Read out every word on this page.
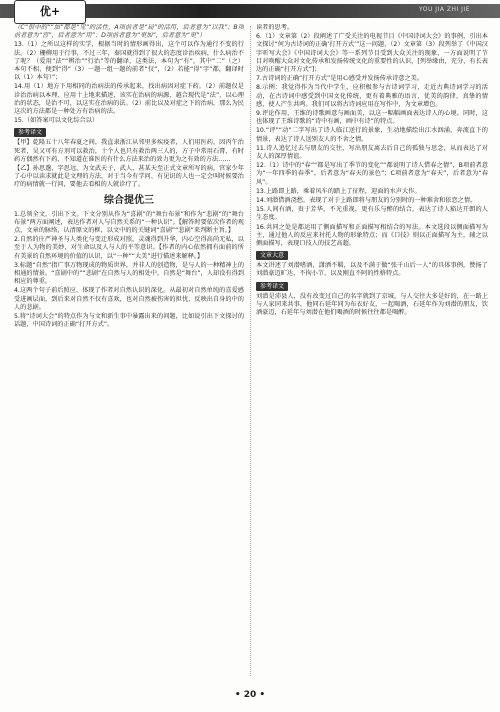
优+	YOU JIA ZHI JIE

（C“很中的”“加”都是“见”的活性，A项前者是“局”的活用，后者意为“以我”；B项前者意为“宫”，后者意为“用”；D项前者意为“更加”，后者意为“更”）

13.（1）之所以这样的实学，根据当时的情形画得出，这个可以作为通行不变的行法。（2）栅柳用于行事，不过三年，秦国就得到了很大的态度诊治疾病，什么病治不了呢？（爱用“法”“辨治”“行治”等的翻译，这类法，本句为“有”，其中“二”（之）本句不相，便到“得”（3）一题一组一题的前者“仅”，（2）若能“得”字“都，翻译时以（1）本句）”；

14.用（1）地方下用相同的治病法的传承起来，找出病因对症下药。（2）前题仅是诊治治病以本理、应用十上地来描述，该实在治病的病源，越合现代是“法”，以心理治的状态，是治不可，以这实在治病的法。（2）前比以及对症之下的治病，那么为民这次的方法都是一种处方有治病的法。

15.（如答案可以文化综合以）

参考译文

【甲】乾隆五十八年春夏之间，我直隶浙江从邻里多疾疫者，人们用医药，因丙午治死者，吴又可有方剂可以救治，十个人也只有救治两三人的，方子中常用石膏，有时药方偶然有下药，不知道在谁医的有什么方法来治的效力更为之有效的方法……

【乙】孙思邈，字思远，为文武天子，武人，甚某天至正式文章所写的病，官家少年了心中以读求就此是文理的方法，对于当今有学问、有见识的人也一定会叫时候要治疗的病情就一行问，要他去看相的人就诊疗了。

综合提优三

1.总领全文，引出下文。下文分别从作为“喜剧”的“舞台布景”和作为“悲剧”的“舞台布景”两方面阐述，表达作者对人与自然关系的“一种认识”。【解答时要依次作者的观点，文章的脉络，认清原文的框，以文中的的关键词“喜剧”“悲剧”来判断主旨。】

2.自然的庄严神圣与人类化与变迁形成对照，灵魂得到升华，内心空得高尚无私，以至于人为物的美妙，对生命以及人与人的平等意识。【作者的内心依然拥有面前的所有美景的自然环境的价值的认识，以“一种”“大美”进行描述来解释。】

3.标题“自然”指广事万物现成的物质世界，并非人的创造物，是与人的一种精神上的相通的情景。“喜剧中的”“悲剧”在自然与人的相处中，自然是“舞台”，人却没有得到相应的尊重。

4.这两个句子前后照应，体现了作者对自然认识的深化。从最初对自然单纯的喜爱感受进画层面，到后来对自然不仅有喜欢，也对自然被伤害的担忧，反映出自身的中的人的悲剧。

5.将“诗词大会”的特点作为与文和新生事中暴露出来的问题，比如说引出下文探讨的话题，中国诗词的正确“打开方式”。

读者的思考。

6.（1）文章第（2）段阐述了广受关注的电视节目《中国诗词大会》的事例，引出本文探讨“何为古诗词的正确‘打开方式’”这一问题，（2）文章第（3）段列举了《中国汉字听写大会》《中国诗词大会》等一系列节目受到大众关注的现象，一方面说明了节目对唤醒大众对文化传承和发扬传统文化的重要性的认识，[列举缘由，充分，有长表达的正确“打开方式”]；

7.古诗词的正确“打开方式”是用心感受并发扬传承诗意之美。

8.示例：我觉得作为当代中学生，应积极参与古诗词学习，走近古典诗词学习的活动，在古诗词中感受到中国文化传统，更有着典雅的语言，优美的韵律，真挚的情感，使人产生共鸣。我们可以将古诗词应用在写作中，为文章增色。

9.评论作用，王维的诗歌画意与画面美，以这一幅幅画面表达诗人的心境。同时，这也体现了王维诗歌的“诗中有画，画中有诗”的特点。

10.“评”“动”二字写出了诗人临江送行的景象，生动地描绘出江水汹涌，奔流直下的情景，表达了诗人送别友人的不舍之情。

11.诗人追忆过去与朋友的交往，写出朋友离去后自己的孤独与思念，从而表达了对友人的深厚情谊。

12.（1）诗中的“春”“都是写出了季节的变化”“都说明了诗人惜春之情”，B项前者意为“一年四季的春季”，后者意为“春天的景色”；C项前者意为“春天”，后者意为“春风”。

13.上路即上路，乘着风车的踏上了征程，迎面的水声大作。

14.刘潜借酒浇愁，表现了对于上路即将与朋友的分别时的一种难舍和依恋之情。

15.人间有酒，贵于芳华，不光重视，更有乐与醉的结合，表达了诗人豁达开朗的人生态度。

16.共同之处是都运用了侧面描写和正面描写相结合的写法。本文选段以侧面描写为主，通过他人的反应来衬托人物的形象特点；而《口技》则以正面描写为主，辅之以侧面描写，表现口技人的技艺高超。

文章大意

本文讲述了刘潜嗜酒，潇洒不羁，以及不满于做“张千山后一人”的具体事例，赞扬了刘潜豪迈旷达、不拘小节，以及刚直不阿的性格特点。

参考译文

刘潜是沛县人，没有改变过自己的名字就到了京城，与人交往大多是好的，在一路上与人家同来共事，他同石延年同为布衣好友，一起喝酒，石延年作为刘潜的朋友，饮酒豪迈，石延年与刘潜在他们喝酒的时候往往都是喝醉。

• 20 •
